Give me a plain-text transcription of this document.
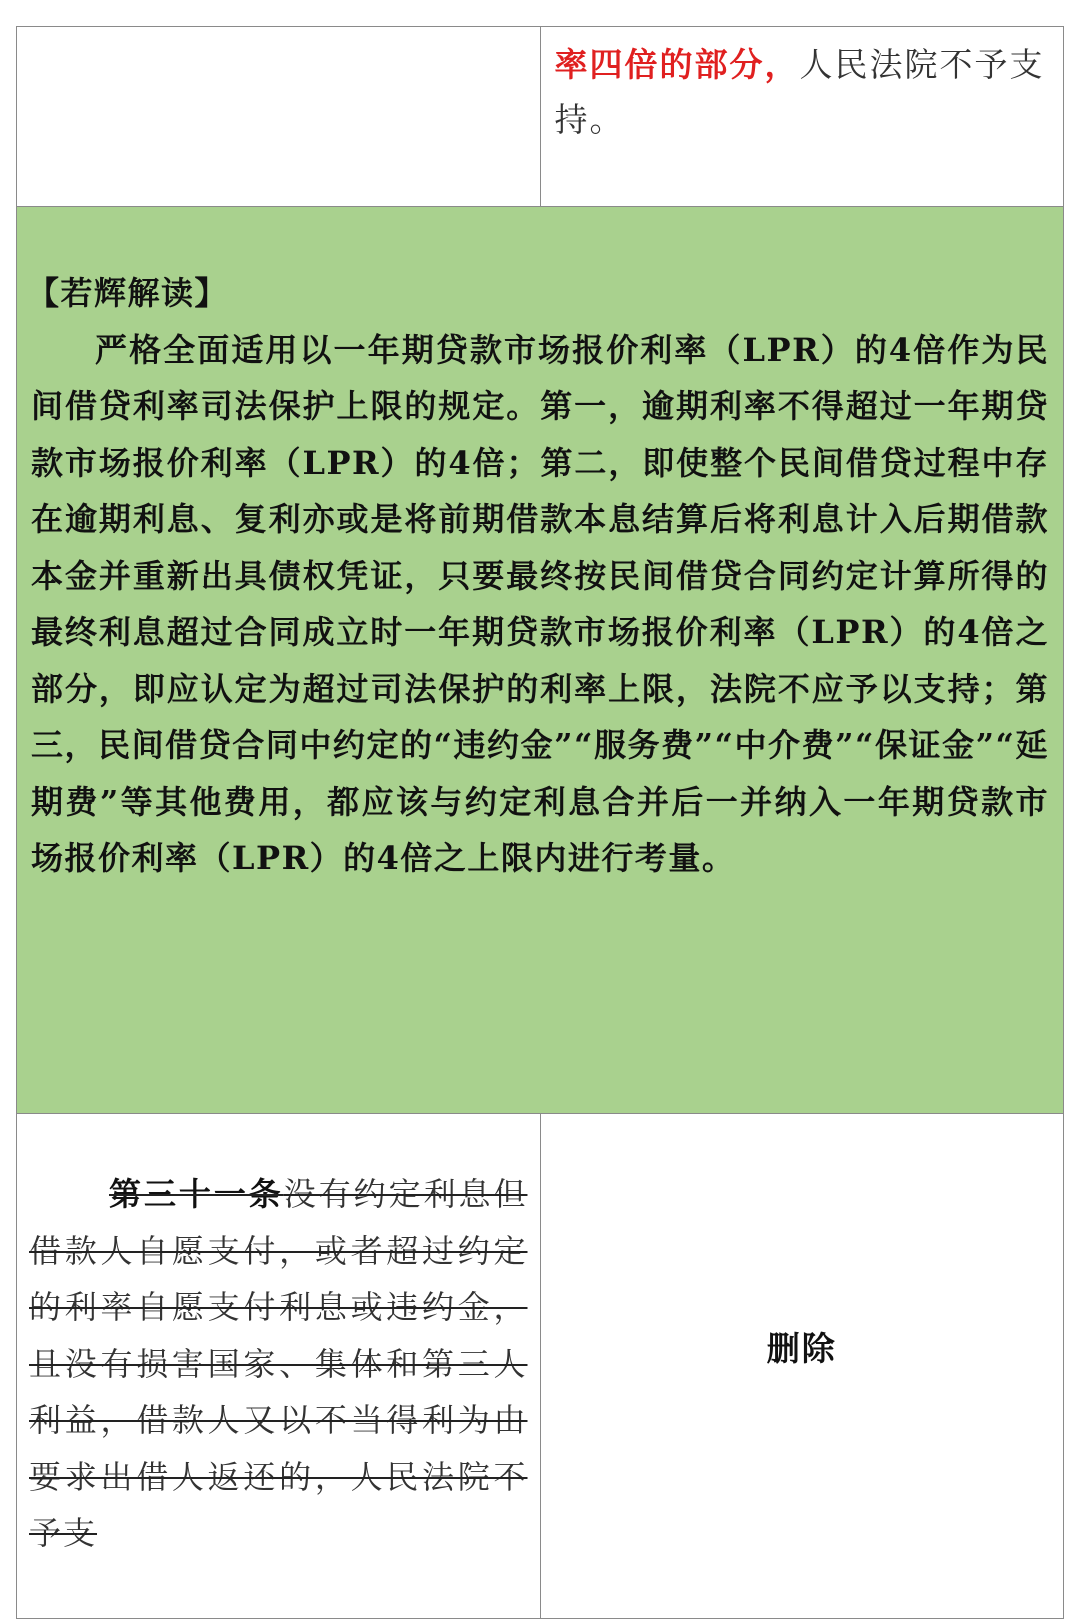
	率四倍的部分，人民法院不予支持。

【若辉解读】
严格全面适用以一年期贷款市场报价利率（LPR）的4倍作为民间借贷利率司法保护上限的规定。第一，逾期利率不得超过一年期贷款市场报价利率（LPR）的4倍；第二，即使整个民间借贷过程中存在逾期利息、复利亦或是将前期借款本息结算后将利息计入后期借款本金并重新出具债权凭证，只要最终按民间借贷合同约定计算所得的最终利息超过合同成立时一年期贷款市场报价利率（LPR）的4倍之部分，即应认定为超过司法保护的利率上限，法院不应予以支持；第三，民间借贷合同中约定的“违约金”“服务费”“中介费”“保证金”“延期费”等其他费用，都应该与约定利息合并后一并纳入一年期贷款市场报价利率（LPR）的4倍之上限内进行考量。	

第三十一条没有约定利息但借款人自愿支付，或者超过约定的利率自愿支付利息或违约金，且没有损害国家、集体和第三人利益，借款人又以不当得利为由要求出借人返还的，人民法院不予支	删除
